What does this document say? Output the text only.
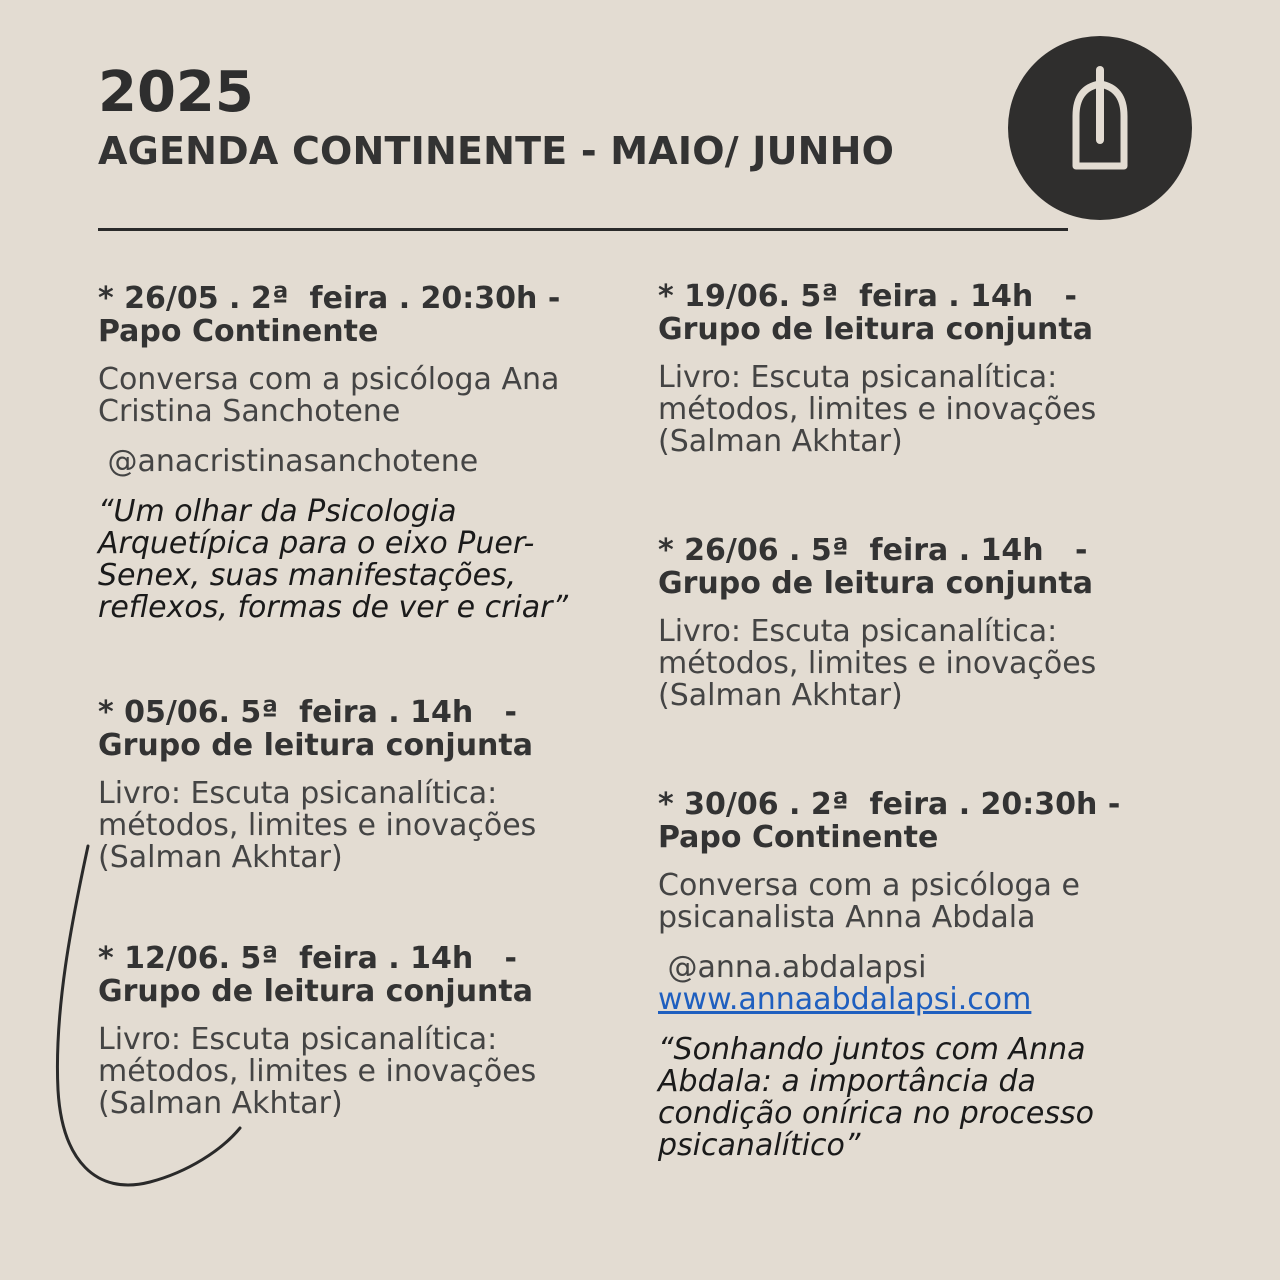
2025
AGENDA CONTINENTE - MAIO/ JUNHO
* 26/05 . 2ª  feira . 20:30h -
Papo Continente
Conversa com a psicóloga Ana Cristina Sanchotene
@anacristinasanchotene
“Um olhar da Psicologia Arquetípica para o eixo Puer-Senex, suas manifestações, reflexos, formas de ver e criar”
* 05/06. 5ª  feira . 14h   -
Grupo de leitura conjunta
Livro: Escuta psicanalítica: métodos, limites e inovações (Salman Akhtar)
* 12/06. 5ª  feira . 14h   -
Grupo de leitura conjunta
Livro: Escuta psicanalítica: métodos, limites e inovações (Salman Akhtar)
* 19/06. 5ª  feira . 14h   -
Grupo de leitura conjunta
Livro: Escuta psicanalítica: métodos, limites e inovações (Salman Akhtar)
* 26/06 . 5ª  feira . 14h   -
Grupo de leitura conjunta
Livro: Escuta psicanalítica: métodos, limites e inovações (Salman Akhtar)
* 30/06 . 2ª  feira . 20:30h -
Papo Continente
Conversa com a psicóloga e psicanalista Anna Abdala
@anna.abdalapsi
www.annaabdalapsi.com
“Sonhando juntos com Anna Abdala: a importância da condição onírica no processo psicanalítico”
